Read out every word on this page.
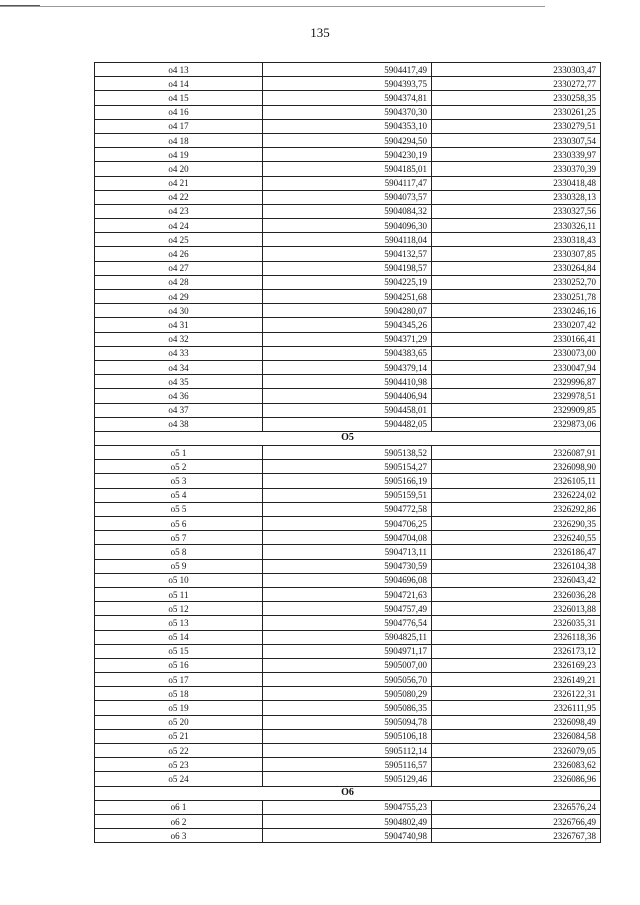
135
о4 13	5904417,49	2330303,47
о4 14	5904393,75	2330272,77
о4 15	5904374,81	2330258,35
о4 16	5904370,30	2330261,25
о4 17	5904353,10	2330279,51
о4 18	5904294,50	2330307,54
о4 19	5904230,19	2330339,97
о4 20	5904185,01	2330370,39
о4 21	5904117,47	2330418,48
о4 22	5904073,57	2330328,13
о4 23	5904084,32	2330327,56
о4 24	5904096,30	2330326,11
о4 25	5904118,04	2330318,43
о4 26	5904132,57	2330307,85
о4 27	5904198,57	2330264,84
о4 28	5904225,19	2330252,70
о4 29	5904251,68	2330251,78
о4 30	5904280,07	2330246,16
о4 31	5904345,26	2330207,42
о4 32	5904371,29	2330166,41
о4 33	5904383,65	2330073,00
о4 34	5904379,14	2330047,94
о4 35	5904410,98	2329996,87
о4 36	5904406,94	2329978,51
о4 37	5904458,01	2329909,85
о4 38	5904482,05	2329873,06
О5		
о5 1	5905138,52	2326087,91
о5 2	5905154,27	2326098,90
о5 3	5905166,19	2326105,11
о5 4	5905159,51	2326224,02
о5 5	5904772,58	2326292,86
о5 6	5904706,25	2326290,35
о5 7	5904704,08	2326240,55
о5 8	5904713,11	2326186,47
о5 9	5904730,59	2326104,38
о5 10	5904696,08	2326043,42
о5 11	5904721,63	2326036,28
о5 12	5904757,49	2326013,88
о5 13	5904776,54	2326035,31
о5 14	5904825,11	2326118,36
о5 15	5904971,17	2326173,12
о5 16	5905007,00	2326169,23
о5 17	5905056,70	2326149,21
о5 18	5905080,29	2326122,31
о5 19	5905086,35	2326111,95
о5 20	5905094,78	2326098,49
о5 21	5905106,18	2326084,58
о5 22	5905112,14	2326079,05
о5 23	5905116,57	2326083,62
о5 24	5905129,46	2326086,96
О6		
о6 1	5904755,23	2326576,24
о6 2	5904802,49	2326766,49
о6 3	5904740,98	2326767,38
